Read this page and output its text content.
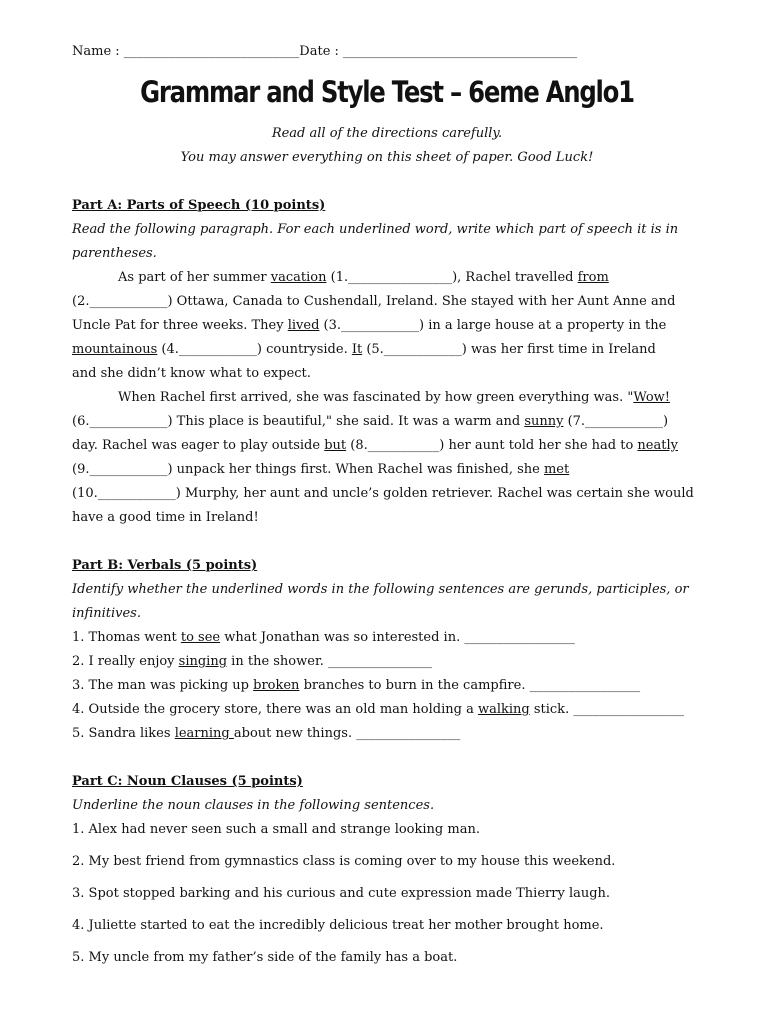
Name : ___________________________Date : ____________________________________
Grammar and Style Test – 6eme Anglo1
Read all of the directions carefully.
You may answer everything on this sheet of paper. Good Luck!
Part A: Parts of Speech (10 points)
Read the following paragraph. For each underlined word, write which part of speech it is in
parentheses.
As part of her summer vacation (1.________________), Rachel travelled from
(2.____________) Ottawa, Canada to Cushendall, Ireland. She stayed with her Aunt Anne and
Uncle Pat for three weeks. They lived (3.____________) in a large house at a property in the
mountainous (4.____________) countryside. It (5.____________) was her first time in Ireland
and she didn’t know what to expect.
When Rachel first arrived, she was fascinated by how green everything was. "Wow!
(6.____________) This place is beautiful," she said. It was a warm and sunny (7.____________)
day. Rachel was eager to play outside but (8.___________) her aunt told her she had to neatly
(9.____________) unpack her things first. When Rachel was finished, she met
(10.____________) Murphy, her aunt and uncle’s golden retriever. Rachel was certain she would
have a good time in Ireland!
Part B: Verbals (5 points)
Identify whether the underlined words in the following sentences are gerunds, participles, or
infinitives.
1. Thomas went to see what Jonathan was so interested in. _________________
2. I really enjoy singing in the shower. ________________
3. The man was picking up broken branches to burn in the campfire. _________________
4. Outside the grocery store, there was an old man holding a walking stick. _________________
5. Sandra likes learning about new things. ________________
Part C: Noun Clauses (5 points)
Underline the noun clauses in the following sentences.
1. Alex had never seen such a small and strange looking man.
2. My best friend from gymnastics class is coming over to my house this weekend.
3. Spot stopped barking and his curious and cute expression made Thierry laugh.
4. Juliette started to eat the incredibly delicious treat her mother brought home.
5. My uncle from my father’s side of the family has a boat.
